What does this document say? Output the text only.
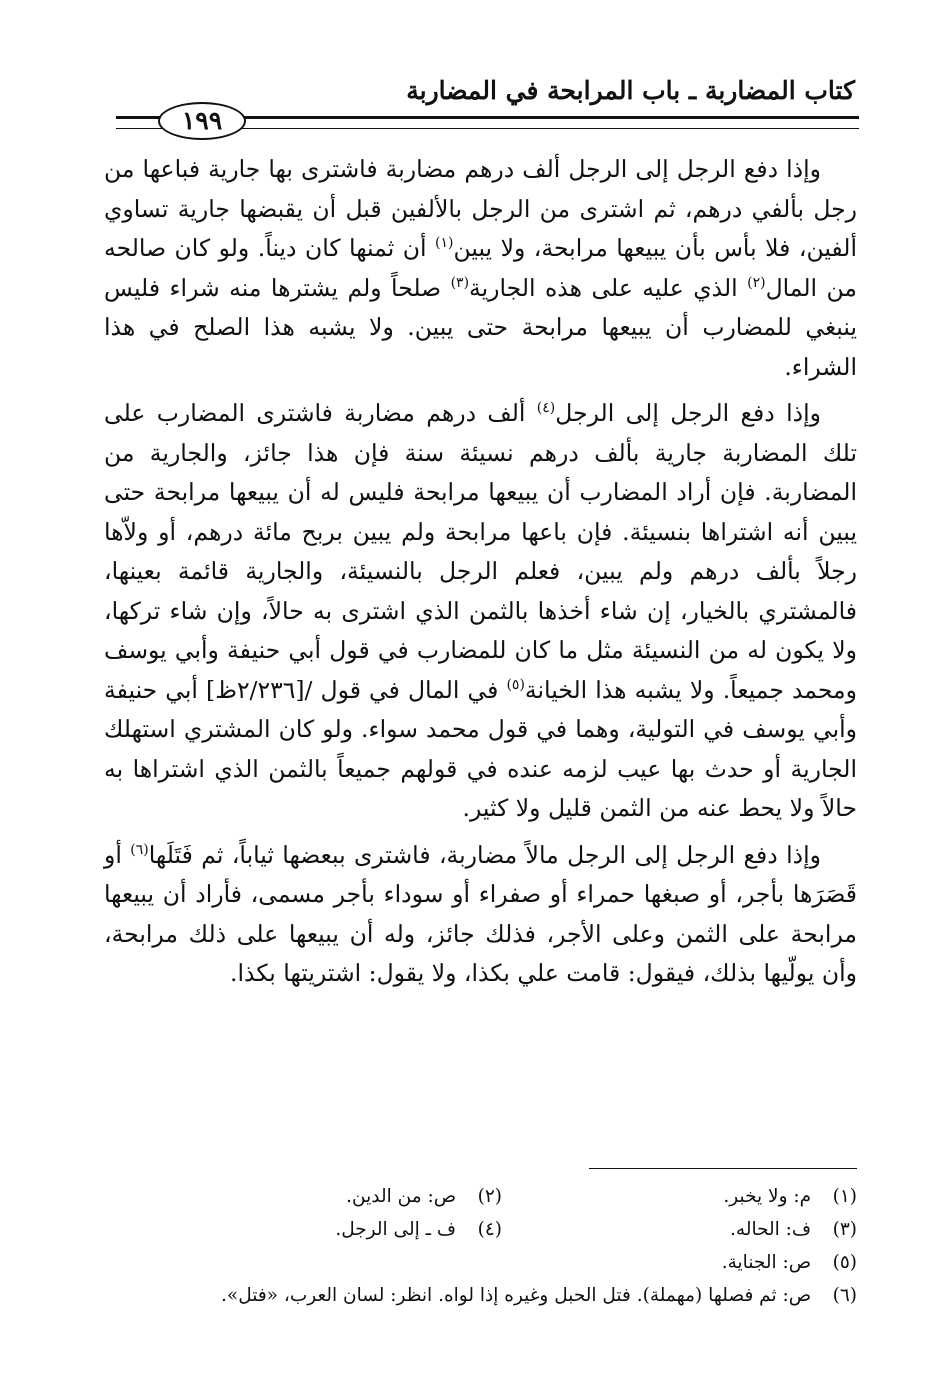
كتاب المضاربة ـ باب المرابحة في المضاربة
١٩٩

وإذا دفع الرجل إلى الرجل ألف درهم مضاربة فاشترى بها جارية فباعها من رجل بألفي درهم، ثم اشترى من الرجل بالألفين قبل أن يقبضها جارية تساوي ألفين، فلا بأس بأن يبيعها مرابحة، ولا يبين$^{(١)}$ أن ثمنها كان ديناً. ولو كان صالحه من المال$^{(٢)}$ الذي عليه على هذه الجارية$^{(٣)}$ صلحاً ولم يشترها منه شراء فليس ينبغي للمضارب أن يبيعها مرابحة حتى يبين. ولا يشبه هذا الصلح في هذا الشراء.

وإذا دفع الرجل إلى الرجل$^{(٤)}$ ألف درهم مضاربة فاشترى المضارب على تلك المضاربة جارية بألف درهم نسيئة سنة فإن هذا جائز، والجارية من المضاربة. فإن أراد المضارب أن يبيعها مرابحة فليس له أن يبيعها مرابحة حتى يبين أنه اشتراها بنسيئة. فإن باعها مرابحة ولم يبين بربح مائة درهم، أو ولاّها رجلاً بألف درهم ولم يبين، فعلم الرجل بالنسيئة، والجارية قائمة بعينها، فالمشتري بالخيار، إن شاء أخذها بالثمن الذي اشترى به حالاً، وإن شاء تركها، ولا يكون له من النسيئة مثل ما كان للمضارب في قول أبي حنيفة وأبي يوسف ومحمد جميعاً. ولا يشبه هذا الخيانة$^{(٥)}$ في المال في قول /[٢/٢٣٦ظ] أبي حنيفة وأبي يوسف في التولية، وهما في قول محمد سواء. ولو كان المشتري استهلك الجارية أو حدث بها عيب لزمه عنده في قولهم جميعاً بالثمن الذي اشتراها به حالاً ولا يحط عنه من الثمن قليل ولا كثير.

وإذا دفع الرجل إلى الرجل مالاً مضاربة، فاشترى ببعضها ثياباً، ثم فَتَلَها$^{(٦)}$ أو قَصَرَها بأجر، أو صبغها حمراء أو صفراء أو سوداء بأجر مسمى، فأراد أن يبيعها مرابحة على الثمن وعلى الأجر، فذلك جائز، وله أن يبيعها على ذلك مرابحة، وأن يولّيها بذلك، فيقول: قامت علي بكذا، ولا يقول: اشتريتها بكذا.

(١) م: ولا يخبر.
(٢) ص: من الدين.
(٣) ف: الحاله.
(٤) ف ـ إلى الرجل.
(٥) ص: الجناية.
(٦) ص: ثم فصلها (مهملة). فتل الحبل وغيره إذا لواه. انظر: لسان العرب، «فتل».
